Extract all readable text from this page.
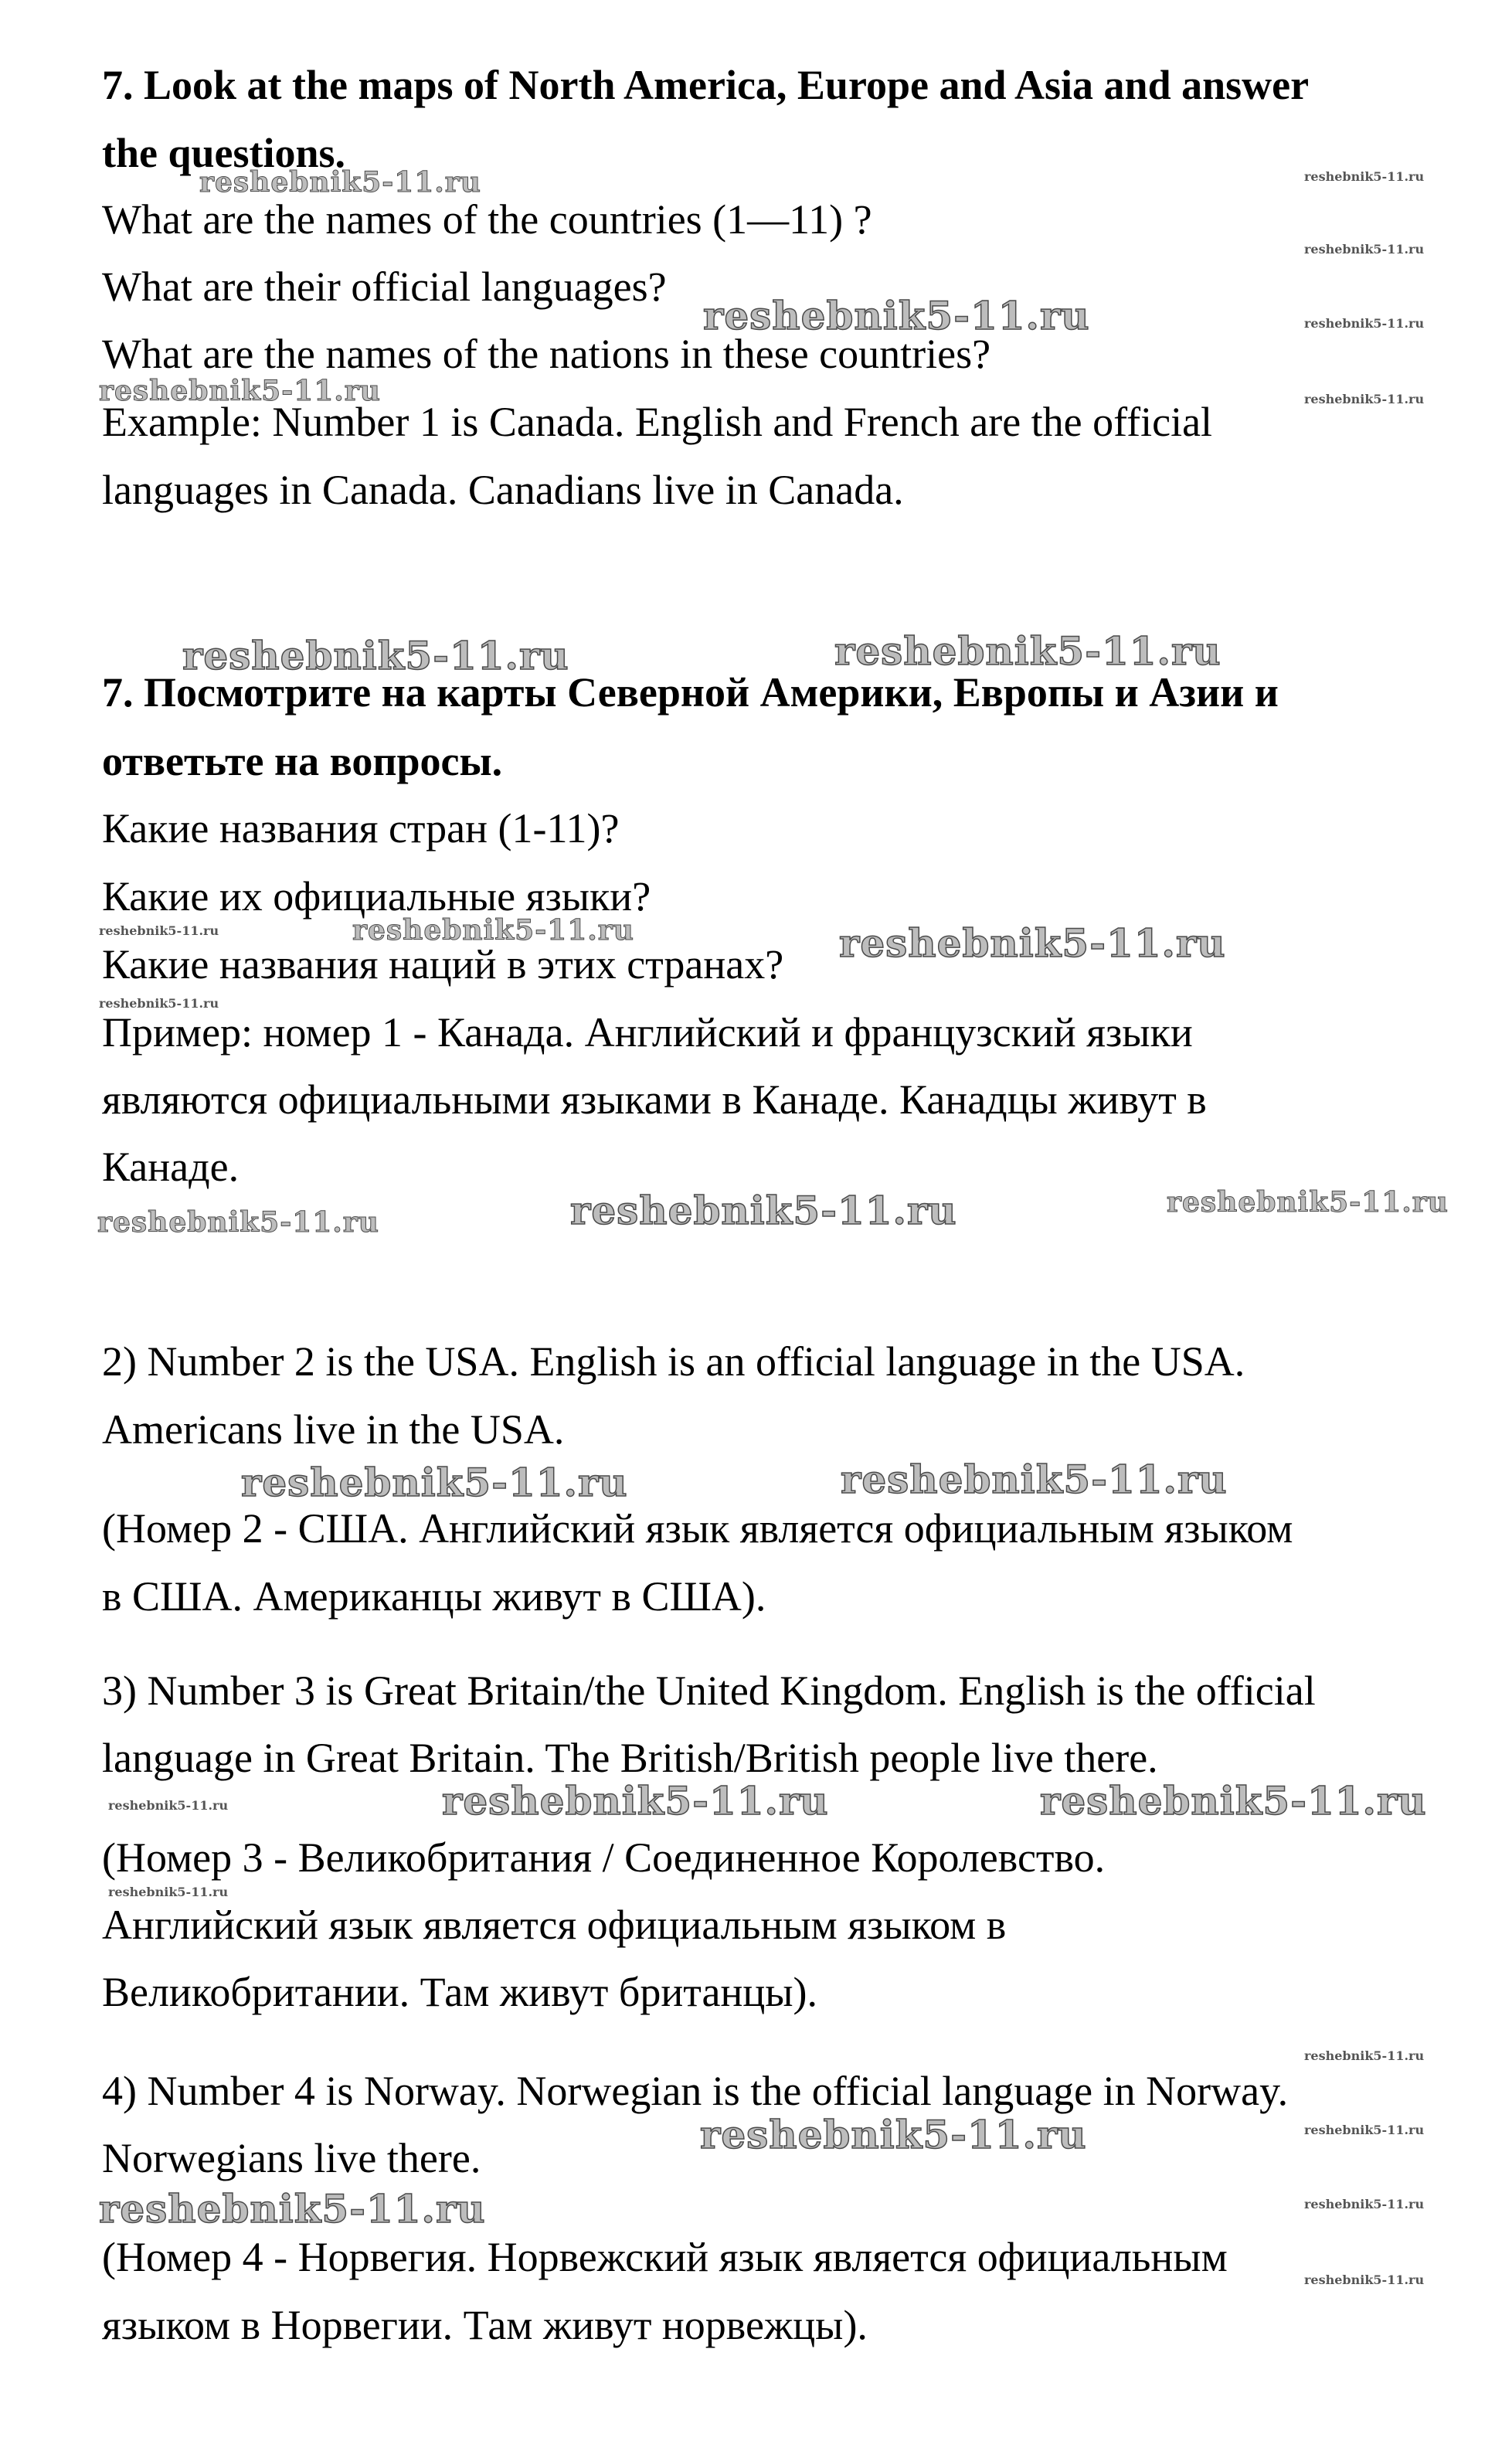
7. Look at the maps of North America, Europe and Asia and answer

the questions.

What are the names of the countries (1—11) ?

What are their official languages?

What are the names of the nations in these countries?

Example: Number 1 is Canada. English and French are the official

languages in Canada. Canadians live in Canada.

7. Посмотрите на карты Северной Америки, Европы и Азии и

ответьте на вопросы.

Какие названия стран (1-11)?

Какие их официальные языки?

Какие названия наций в этих странах?

Пример: номер 1 - Канада. Английский и французский языки

являются официальными языками в Канаде. Канадцы живут в

Канаде.

2) Number 2 is the USA. English is an official language in the USA.

Americans live in the USA.

(Номер 2 - США. Английский язык является официальным языком

в США. Американцы живут в США).

3) Number 3 is Great Britain/the United Kingdom. English is the official

language in Great Britain. The British/British people live there.

(Номер 3 - Великобритания / Соединенное Королевство.

Английский язык является официальным языком в

Великобритании. Там живут британцы).

4) Number 4 is Norway. Norwegian is the official language in Norway.

Norwegians live there.

(Номер 4 - Норвегия. Норвежский язык является официальным

языком в Норвегии. Там живут норвежцы).

reshebnik5-11.ru	reshebnik5-11.ru
reshebnik5-11.ru
reshebnik5-11.ru	reshebnik5-11.ru
reshebnik5-11.ru	reshebnik5-11.ru
reshebnik5-11.ru	reshebnik5-11.ru
reshebnik5-11.ru	reshebnik5-11.ru	reshebnik5-11.ru
reshebnik5-11.ru
reshebnik5-11.ru	reshebnik5-11.ru	reshebnik5-11.ru
reshebnik5-11.ru	reshebnik5-11.ru
reshebnik5-11.ru	reshebnik5-11.ru	reshebnik5-11.ru
reshebnik5-11.ru
reshebnik5-11.ru
reshebnik5-11.ru	reshebnik5-11.ru
reshebnik5-11.ru	reshebnik5-11.ru
reshebnik5-11.ru
